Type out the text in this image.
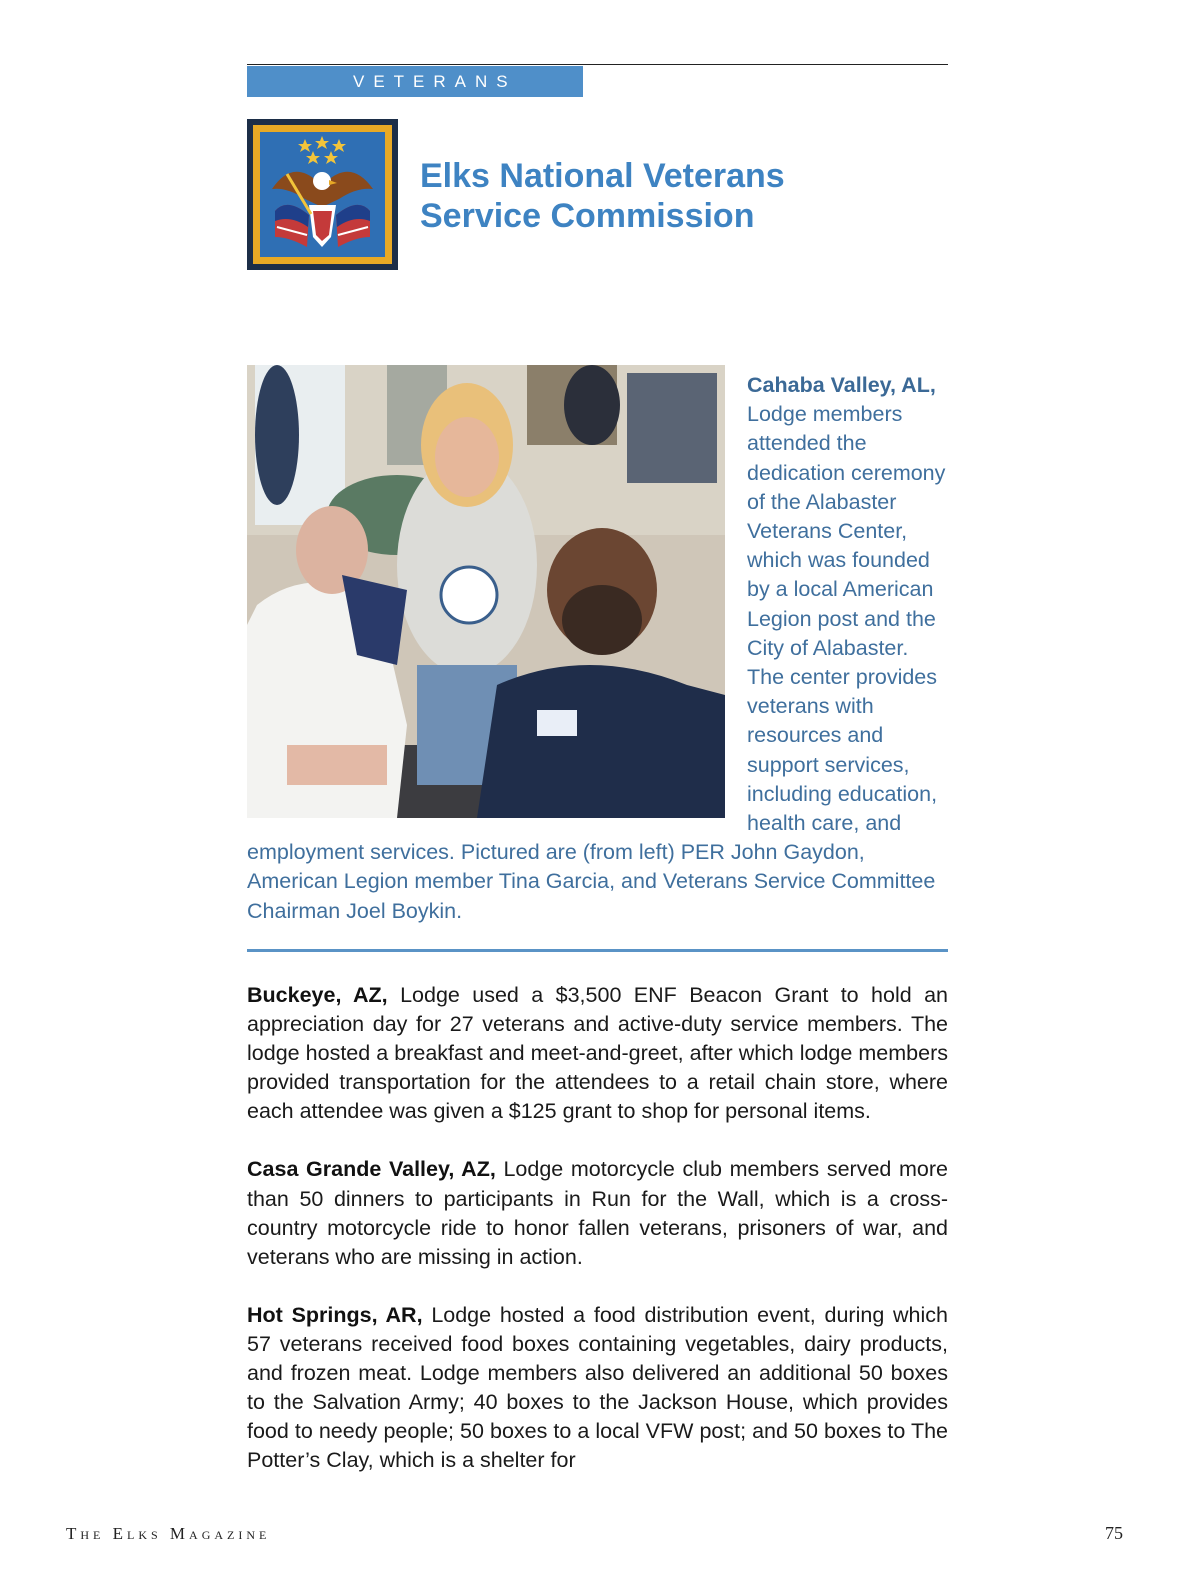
VETERANS
Elks National Veterans
Service Commission
Cahaba Valley, AL, Lodge members attended the dedication ceremony of the Alabaster Veterans Center, which was founded by a local American Legion post and the City of Alabaster. The center provides veterans with resources and support services, including education, health care, and employment services. Pictured are (from left) PER John Gaydon, American Legion member Tina Garcia, and Veterans Service Committee Chairman Joel Boykin.

Buckeye, AZ, Lodge used a $3,500 ENF Beacon Grant to hold an appreciation day for 27 veterans and active-duty service members. The lodge hosted a breakfast and meet-and-greet, after which lodge members provided transportation for the attendees to a retail chain store, where each attendee was given a $125 grant to shop for personal items.

Casa Grande Valley, AZ, Lodge motorcycle club members served more than 50 dinners to participants in Run for the Wall, which is a cross-country motorcycle ride to honor fallen veterans, prisoners of war, and veterans who are missing in action.

Hot Springs, AR, Lodge hosted a food distribution event, during which 57 veterans received food boxes containing vegetables, dairy products, and frozen meat. Lodge members also delivered an additional 50 boxes to the Salvation Army; 40 boxes to the Jackson House, which provides food to needy people; 50 boxes to a local VFW post; and 50 boxes to The Potter’s Clay, which is a shelter for

The Elks Magazine	75
